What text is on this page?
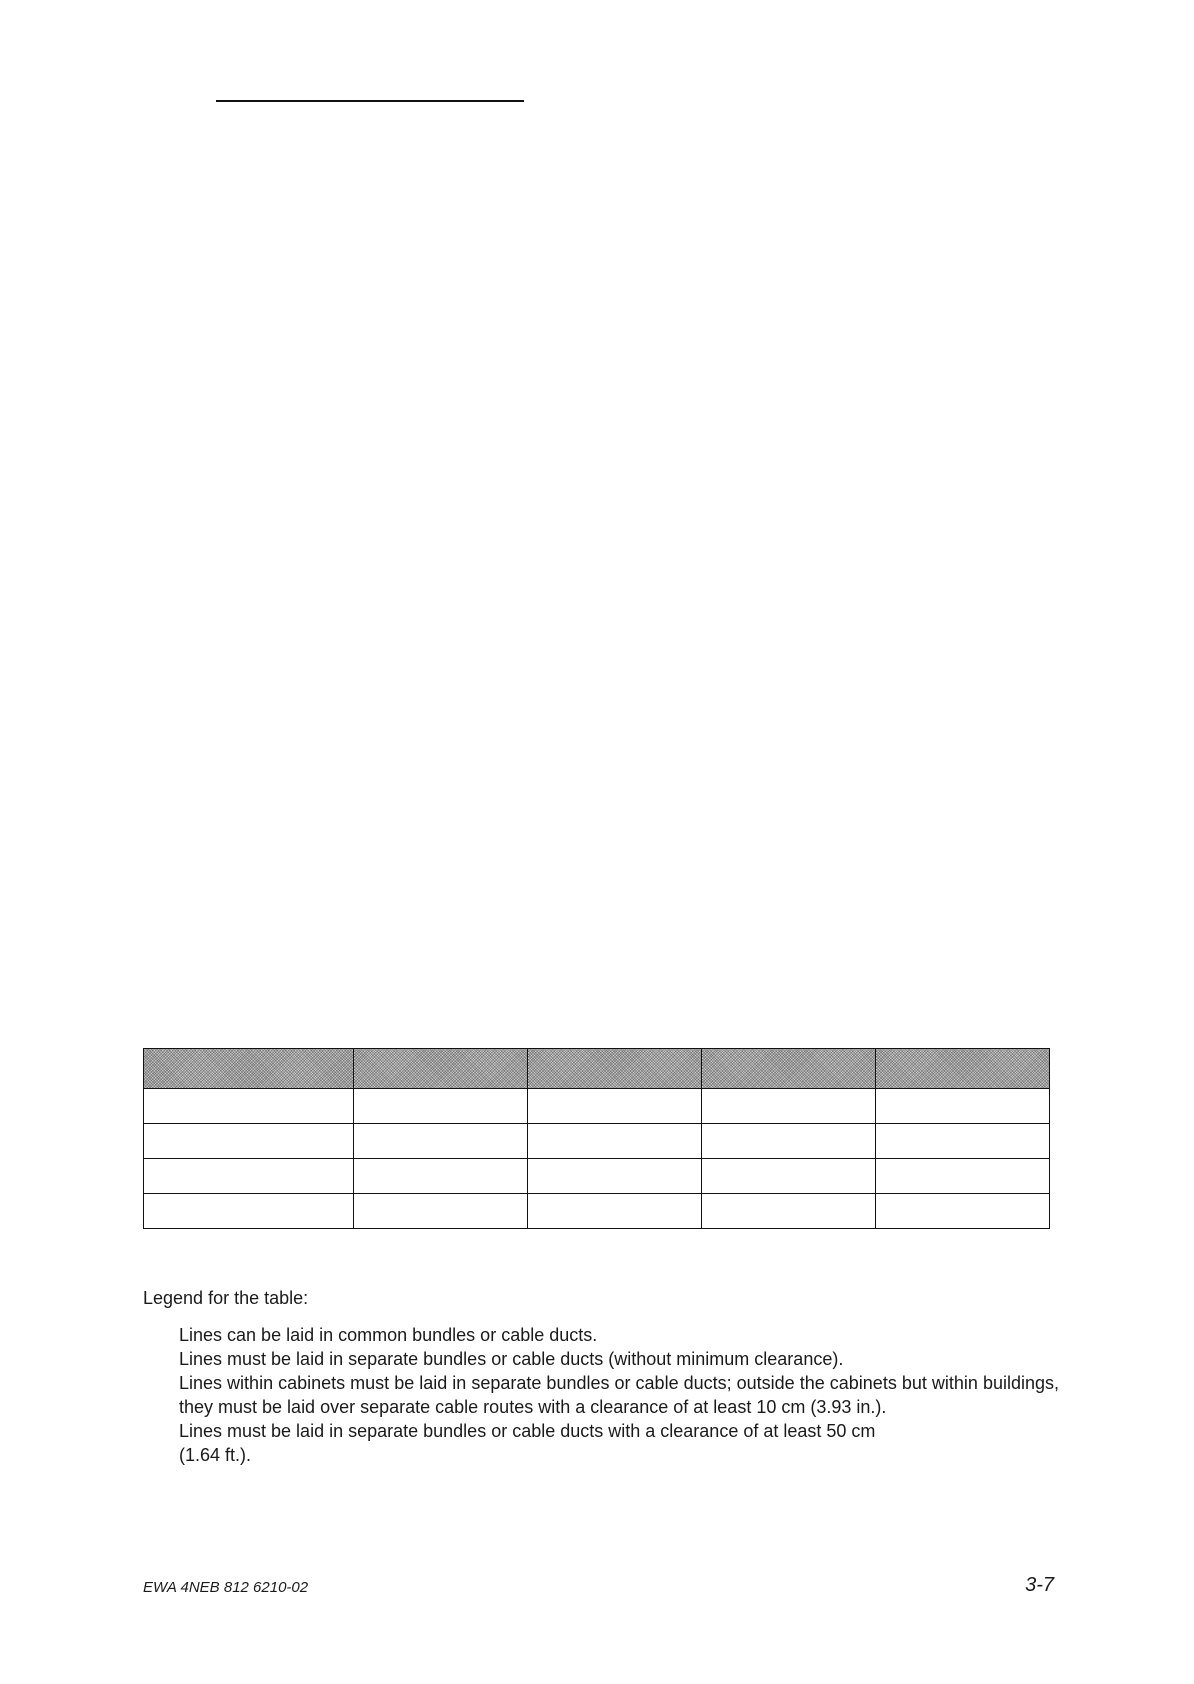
Legend for the table:

Lines can be laid in common bundles or cable ducts.
Lines must be laid in separate bundles or cable ducts (without minimum clearance).
Lines within cabinets must be laid in separate bundles or cable ducts; outside the cabinets but within buildings, they must be laid over separate cable routes with a clearance of at least 10 cm (3.93 in.).
Lines must be laid in separate bundles or cable ducts with a clearance of at least 50 cm
(1.64 ft.).
EWA 4NEB 812 6210-02	3-7
